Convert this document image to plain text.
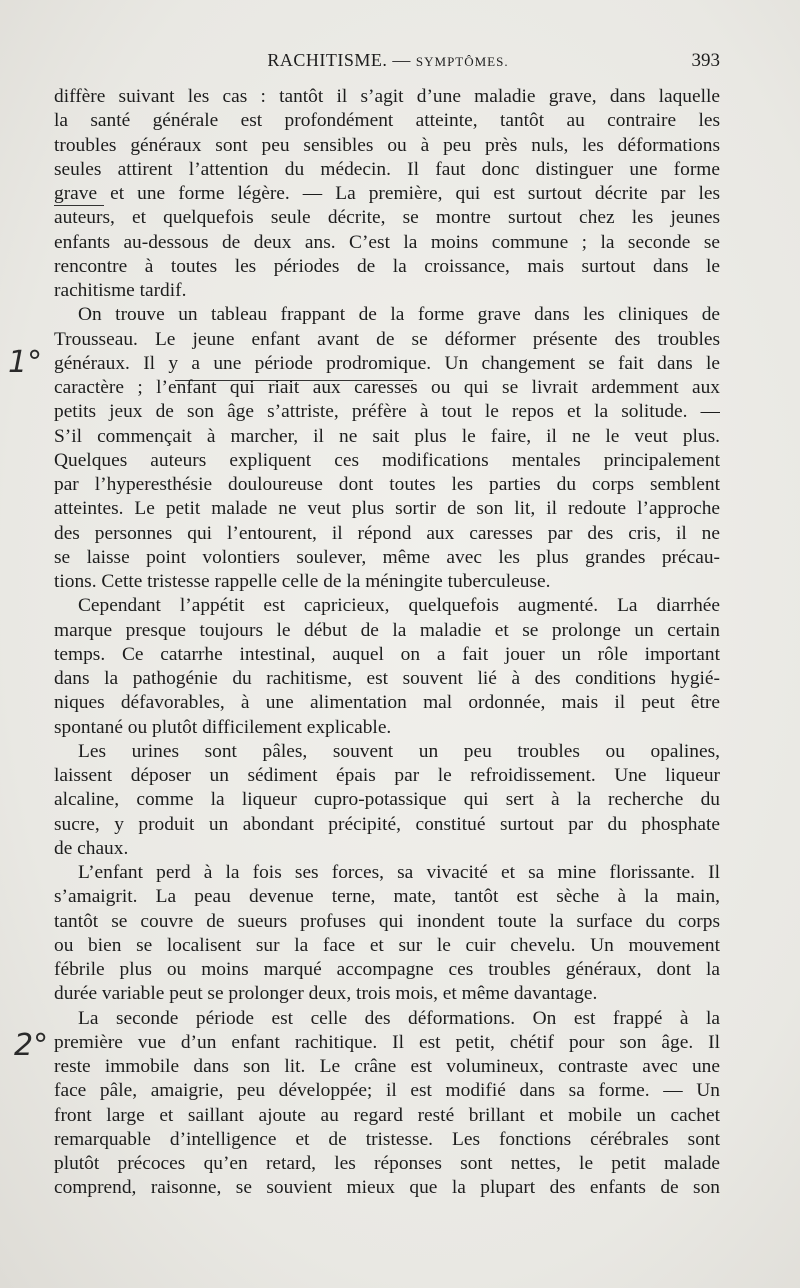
RACHITISME. — SYMPTÔMES.	393
1°
2°
diffère suivant les cas : tantôt il s’agit d’une maladie grave, dans laquelle
la santé générale est profondément atteinte, tantôt au contraire les
troubles généraux sont peu sensibles ou à peu près nuls, les déformations
seules attirent l’attention du médecin. Il faut donc distinguer une forme
grave et une forme légère. — La première, qui est surtout décrite par les
auteurs, et quelquefois seule décrite, se montre surtout chez les jeunes
enfants au-dessous de deux ans. C’est la moins commune ; la seconde se
rencontre à toutes les périodes de la croissance, mais surtout dans le
rachitisme tardif.
On trouve un tableau frappant de la forme grave dans les cliniques de
Trousseau. Le jeune enfant avant de se déformer présente des troubles
généraux. Il y a une période prodromique. Un changement se fait dans le
caractère ; l’enfant qui riait aux caresses ou qui se livrait ardemment aux
petits jeux de son âge s’attriste, préfère à tout le repos et la solitude. —
S’il commençait à marcher, il ne sait plus le faire, il ne le veut plus.
Quelques auteurs expliquent ces modifications mentales principalement
par l’hyperesthésie douloureuse dont toutes les parties du corps semblent
atteintes. Le petit malade ne veut plus sortir de son lit, il redoute l’approche
des personnes qui l’entourent, il répond aux caresses par des cris, il ne
se laisse point volontiers soulever, même avec les plus grandes précau-
tions. Cette tristesse rappelle celle de la méningite tuberculeuse.
Cependant l’appétit est capricieux, quelquefois augmenté. La diarrhée
marque presque toujours le début de la maladie et se prolonge un certain
temps. Ce catarrhe intestinal, auquel on a fait jouer un rôle important
dans la pathogénie du rachitisme, est souvent lié à des conditions hygié-
niques défavorables, à une alimentation mal ordonnée, mais il peut être
spontané ou plutôt difficilement explicable.
Les urines sont pâles, souvent un peu troubles ou opalines,
laissent déposer un sédiment épais par le refroidissement. Une liqueur
alcaline, comme la liqueur cupro-potassique qui sert à la recherche du
sucre, y produit un abondant précipité, constitué surtout par du phosphate
de chaux.
L’enfant perd à la fois ses forces, sa vivacité et sa mine florissante. Il
s’amaigrit. La peau devenue terne, mate, tantôt est sèche à la main,
tantôt se couvre de sueurs profuses qui inondent toute la surface du corps
ou bien se localisent sur la face et sur le cuir chevelu. Un mouvement
fébrile plus ou moins marqué accompagne ces troubles généraux, dont la
durée variable peut se prolonger deux, trois mois, et même davantage.
La seconde période est celle des déformations. On est frappé à la
première vue d’un enfant rachitique. Il est petit, chétif pour son âge. Il
reste immobile dans son lit. Le crâne est volumineux, contraste avec une
face pâle, amaigrie, peu développée; il est modifié dans sa forme. — Un
front large et saillant ajoute au regard resté brillant et mobile un cachet
remarquable d’intelligence et de tristesse. Les fonctions cérébrales sont
plutôt précoces qu’en retard, les réponses sont nettes, le petit malade
comprend, raisonne, se souvient mieux que la plupart des enfants de son
